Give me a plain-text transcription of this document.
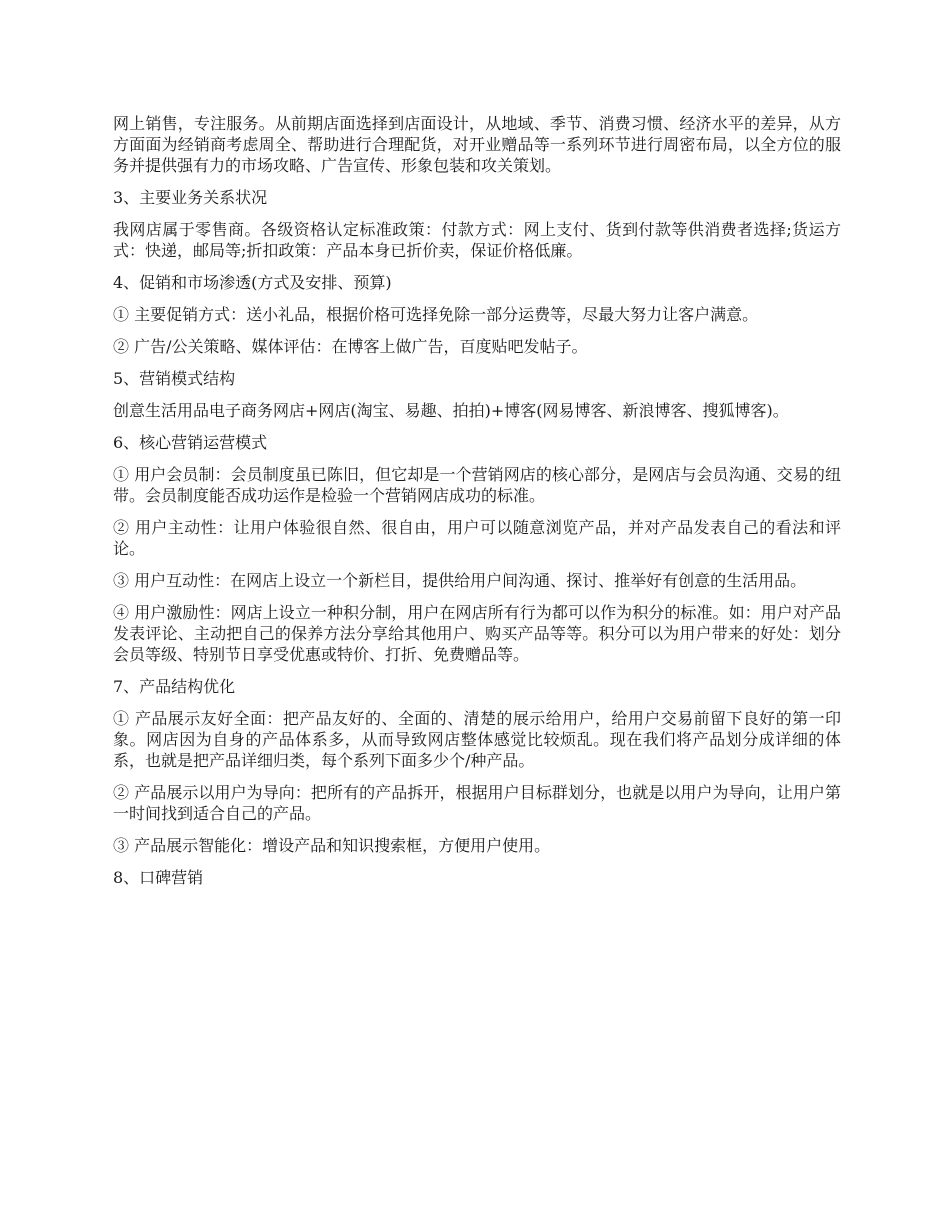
网上销售，专注服务。从前期店面选择到店面设计，从地域、季节、消费习惯、经济水平的差异，从方方面面为经销商考虑周全、帮助进行合理配货，对开业赠品等一系列环节进行周密布局，以全方位的服务并提供强有力的市场攻略、广告宣传、形象包装和攻关策划。

3、主要业务关系状况

我网店属于零售商。各级资格认定标准政策：付款方式：网上支付、货到付款等供消费者选择;货运方式：快递，邮局等;折扣政策：产品本身已折价卖，保证价格低廉。

4、促销和市场渗透(方式及安排、预算)

① 主要促销方式：送小礼品，根据价格可选择免除一部分运费等，尽最大努力让客户满意。

② 广告/公关策略、媒体评估：在博客上做广告，百度贴吧发帖子。

5、营销模式结构

创意生活用品电子商务网店+网店(淘宝、易趣、拍拍)+博客(网易博客、新浪博客、搜狐博客)。

6、核心营销运营模式

① 用户会员制：会员制度虽已陈旧，但它却是一个营销网店的核心部分，是网店与会员沟通、交易的纽带。会员制度能否成功运作是检验一个营销网店成功的标准。

② 用户主动性：让用户体验很自然、很自由，用户可以随意浏览产品，并对产品发表自己的看法和评论。

③ 用户互动性：在网店上设立一个新栏目，提供给用户间沟通、探讨、推举好有创意的生活用品。

④ 用户激励性：网店上设立一种积分制，用户在网店所有行为都可以作为积分的标准。如：用户对产品发表评论、主动把自己的保养方法分享给其他用户、购买产品等等。积分可以为用户带来的好处：划分会员等级、特别节日享受优惠或特价、打折、免费赠品等。

7、产品结构优化

① 产品展示友好全面：把产品友好的、全面的、清楚的展示给用户，给用户交易前留下良好的第一印象。网店因为自身的产品体系多，从而导致网店整体感觉比较烦乱。现在我们将产品划分成详细的体系，也就是把产品详细归类，每个系列下面多少个/种产品。

② 产品展示以用户为导向：把所有的产品拆开，根据用户目标群划分，也就是以用户为导向，让用户第一时间找到适合自己的产品。

③ 产品展示智能化：增设产品和知识搜索框，方便用户使用。

8、口碑营销
